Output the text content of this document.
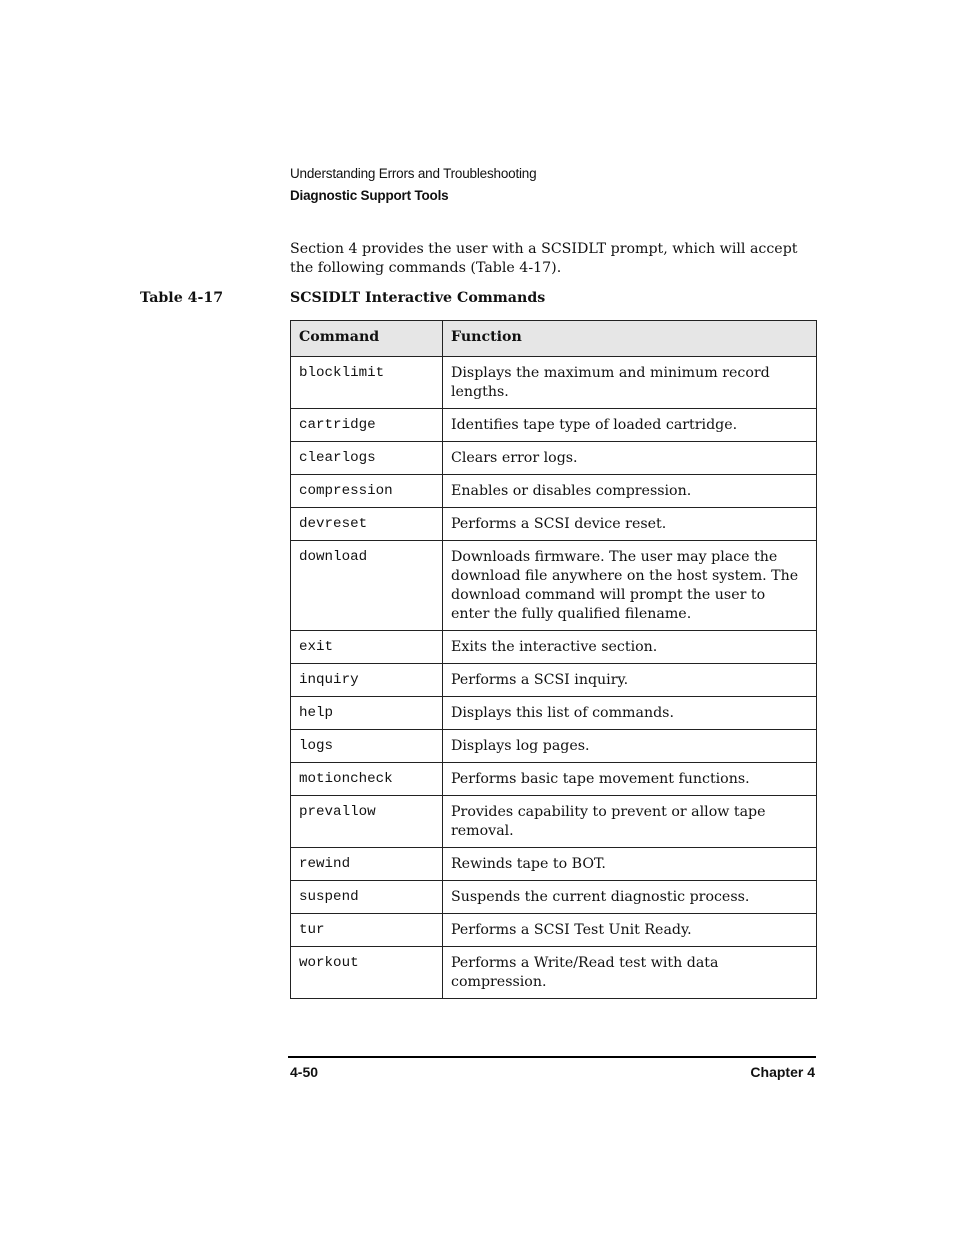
Understanding Errors and Troubleshooting
Diagnostic Support Tools
Section 4 provides the user with a SCSIDLT prompt, which will accept the following commands (Table 4-17).
Table 4-17	SCSIDLT Interactive Commands
Command	Function
blocklimit	Displays the maximum and minimum record lengths.
cartridge	Identifies tape type of loaded cartridge.
clearlogs	Clears error logs.
compression	Enables or disables compression.
devreset	Performs a SCSI device reset.
download	Downloads firmware. The user may place the download file anywhere on the host system. The download command will prompt the user to enter the fully qualified filename.
exit	Exits the interactive section.
inquiry	Performs a SCSI inquiry.
help	Displays this list of commands.
logs	Displays log pages.
motioncheck	Performs basic tape movement functions.
prevallow	Provides capability to prevent or allow tape removal.
rewind	Rewinds tape to BOT.
suspend	Suspends the current diagnostic process.
tur	Performs a SCSI Test Unit Ready.
workout	Performs a Write/Read test with data compression.
4-50	Chapter 4
